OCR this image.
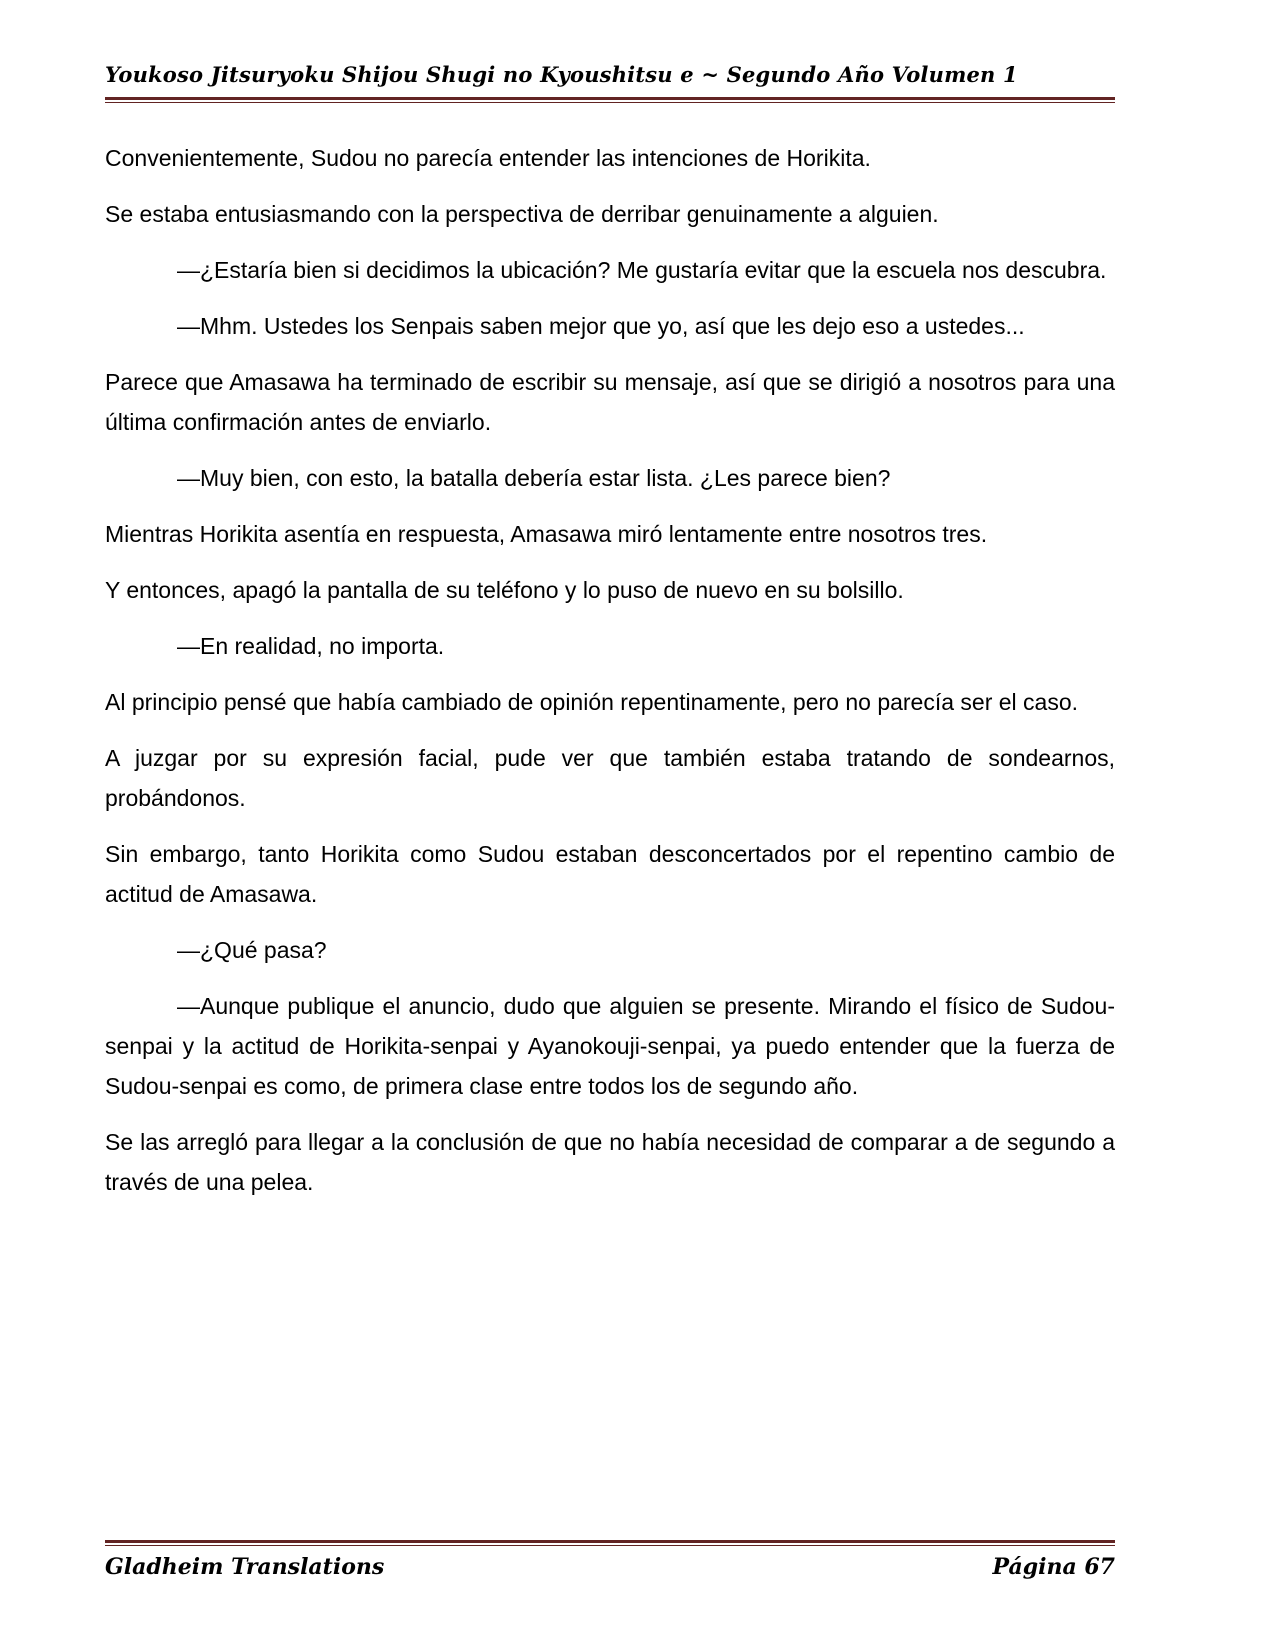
Youkoso Jitsuryoku Shijou Shugi no Kyoushitsu e ~ Segundo Año Volumen 1

Convenientemente, Sudou no parecía entender las intenciones de Horikita.

Se estaba entusiasmando con la perspectiva de derribar genuinamente a alguien.

—¿Estaría bien si decidimos la ubicación? Me gustaría evitar que la escuela nos descubra.

—Mhm. Ustedes los Senpais saben mejor que yo, así que les dejo eso a ustedes...

Parece que Amasawa ha terminado de escribir su mensaje, así que se dirigió a nosotros para una última confirmación antes de enviarlo.

—Muy bien, con esto, la batalla debería estar lista. ¿Les parece bien?

Mientras Horikita asentía en respuesta, Amasawa miró lentamente entre nosotros tres.

Y entonces, apagó la pantalla de su teléfono y lo puso de nuevo en su bolsillo.

—En realidad, no importa.

Al principio pensé que había cambiado de opinión repentinamente, pero no parecía ser el caso.

A juzgar por su expresión facial, pude ver que también estaba tratando de sondearnos, probándonos.

Sin embargo, tanto Horikita como Sudou estaban desconcertados por el repentino cambio de actitud de Amasawa.

—¿Qué pasa?

—Aunque publique el anuncio, dudo que alguien se presente. Mirando el físico de Sudou-senpai y la actitud de Horikita-senpai y Ayanokouji-senpai, ya puedo entender que la fuerza de Sudou-senpai es como, de primera clase entre todos los de segundo año.

Se las arregló para llegar a la conclusión de que no había necesidad de comparar a de segundo a través de una pelea.

Gladheim Translations	Página 67
